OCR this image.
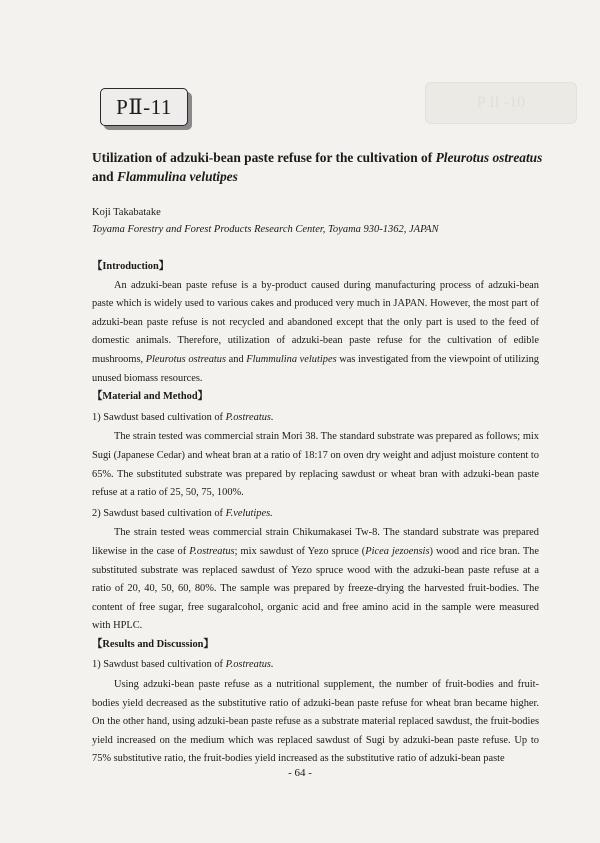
P II -10
PⅡ-11
Utilization of adzuki-bean paste refuse for the cultivation of Pleurotus ostreatus and Flammulina velutipes
Koji Takabatake
Toyama Forestry and Forest Products Research Center, Toyama 930-1362, JAPAN

【Introduction】

An adzuki-bean paste refuse is a by-product caused during manufacturing process of adzuki-bean paste which is widely used to various cakes and produced very much in JAPAN. However, the most part of adzuki-bean paste refuse is not recycled and abandoned except that the only part is used to the feed of domestic animals. Therefore, utilization of adzuki-bean paste refuse for the cultivation of edible mushrooms, Pleurotus ostreatus and Flummulina velutipes was investigated from the viewpoint of utilizing unused biomass resources.

【Material and Method】

1) Sawdust based cultivation of P.ostreatus.

The strain tested was commercial strain Mori 38. The standard substrate was prepared as follows; mix Sugi (Japanese Cedar) and wheat bran at a ratio of 18:17 on oven dry weight and adjust moisture content to 65%. The substituted substrate was prepared by replacing sawdust or wheat bran with adzuki-bean paste refuse at a ratio of 25, 50, 75, 100%.

2) Sawdust based cultivation of F.velutipes.

The strain tested weas commercial strain Chikumakasei Tw-8. The standard substrate was prepared likewise in the case of P.ostreatus; mix sawdust of Yezo spruce (Picea jezoensis) wood and rice bran. The substituted substrate was replaced sawdust of Yezo spruce wood with the adzuki-bean paste refuse at a ratio of 20, 40, 50, 60, 80%. The sample was prepared by freeze-drying the harvested fruit-bodies. The content of free sugar, free sugaralcohol, organic acid and free amino acid in the sample were measured with HPLC.

【Results and Discussion】

1) Sawdust based cultivation of P.ostreatus.

Using adzuki-bean paste refuse as a nutritional supplement, the number of fruit-bodies and fruit-bodies yield decreased as the substitutive ratio of adzuki-bean paste refuse for wheat bran became higher. On the other hand, using adzuki-bean paste refuse as a substrate material replaced sawdust, the fruit-bodies yield increased on the medium which was replaced sawdust of Sugi by adzuki-bean paste refuse. Up to 75% substitutive ratio, the fruit-bodies yield increased as the substitutive ratio of adzuki-bean paste

- 64 -
